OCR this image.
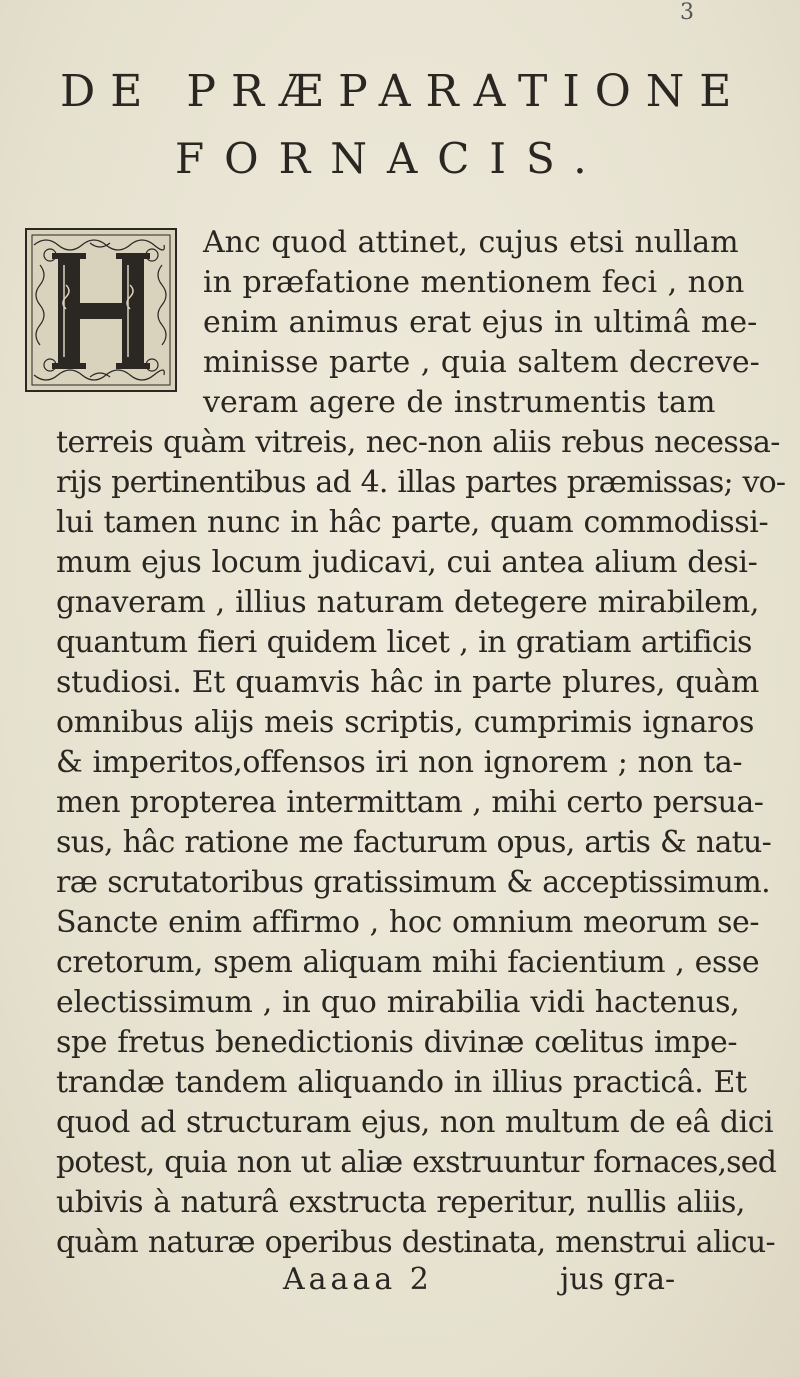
3
DE PRÆPARATIONE
FORNACIS.
Anc quod attinet, cujus etsi nullam
in præfatione mentionem feci , non
enim animus erat ejus in ultimâ me-
minisse parte , quia saltem decreve-
veram agere de instrumentis tam
terreis quàm vitreis, nec-non aliis rebus necessa-
rijs pertinentibus ad 4. illas partes præmissas; vo-
lui tamen nunc in hâc parte, quam commodissi-
mum ejus locum judicavi, cui antea alium desi-
gnaveram , illius naturam detegere mirabilem,
quantum fieri quidem licet , in gratiam artificis
studiosi. Et quamvis hâc in parte plures, quàm
omnibus alijs meis scriptis, cumprimis ignaros
& imperitos,offensos iri non ignorem ; non ta-
men propterea intermittam , mihi certo persua-
sus, hâc ratione me facturum opus, artis & natu-
ræ scrutatoribus gratissimum & acceptissimum.
Sancte enim affirmo , hoc omnium meorum se-
cretorum, spem aliquam mihi facientium , esse
electissimum , in quo mirabilia vidi hactenus,
spe fretus benedictionis divinæ cœlitus impe-
trandæ tandem aliquando in illius practicâ. Et
quod ad structuram ejus, non multum de eâ dici
potest, quia non ut aliæ exstruuntur fornaces,sed
ubivis à naturâ exstructa reperitur, nullis aliis,
quàm naturæ operibus destinata, menstrui alicu-
Aaaaa 2	jus gra-
